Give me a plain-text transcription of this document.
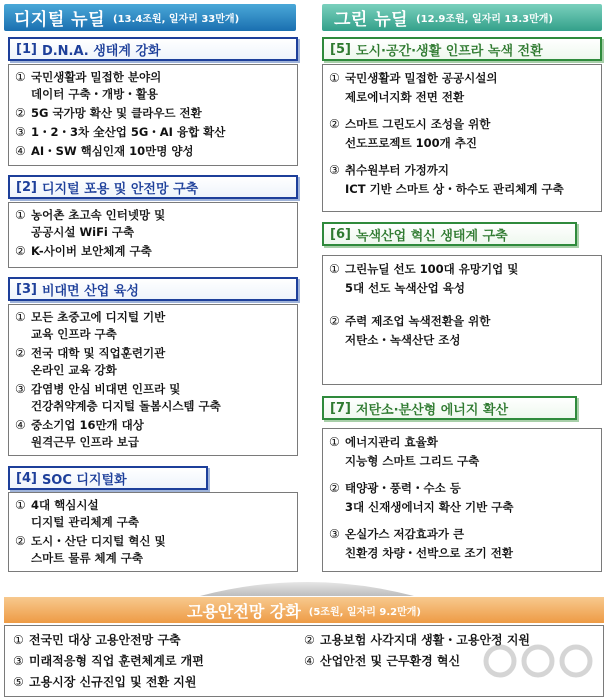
디지털 뉴딜 (13.4조원, 일자리 33만개)	그린 뉴딜 (12.9조원, 일자리 13.3만개)
[1] D.N.A. 생태계 강화
① 국민생활과 밀접한 분야의
데이터 구축・개방・활용
② 5G 국가망 확산 및 클라우드 전환
③ 1・2・3차 全산업 5G・AI 융합 확산
④ AI・SW 핵심인재 10만명 양성
[2] 디지털 포용 및 안전망 구축
① 농어촌 초고속 인터넷망 및
공공시설 WiFi 구축
② K-사이버 보안체계 구축
[3] 비대면 산업 육성
① 모든 초중고에 디지털 기반
교육 인프라 구축
② 전국 대학 및 직업훈련기관
온라인 교육 강화
③ 감염병 안심 비대면 인프라 및
건강취약계층 디지털 돌봄시스템 구축
④ 중소기업 16만개 대상
원격근무 인프라 보급
[4] SOC 디지털화
① 4대 핵심시설
디지털 관리체계 구축
② 도시・산단 디지털 혁신 및
스마트 물류 체계 구축
[5] 도시·공간·생활 인프라 녹색 전환
① 국민생활과 밀접한 공공시설의
제로에너지화 전면 전환
② 스마트 그린도시 조성을 위한
선도프로젝트 100개 추진
③ 취수원부터 가정까지
ICT 기반 스마트 상・하수도 관리체계 구축
[6] 녹색산업 혁신 생태계 구축
① 그린뉴딜 선도 100대 유망기업 및
5대 선도 녹색산업 육성
② 주력 제조업 녹색전환을 위한
저탄소・녹색산단 조성
[7] 저탄소·분산형 에너지 확산
① 에너지관리 효율화
지능형 스마트 그리드 구축
② 태양광・풍력・수소 등
3대 신재생에너지 확산 기반 구축
③ 온실가스 저감효과가 큰
친환경 차량・선박으로 조기 전환
고용안전망 강화 (5조원, 일자리 9.2만개)
① 전국민 대상 고용안전망 구축	② 고용보험 사각지대 생활・고용안정 지원
③ 미래적응형 직업 훈련체계로 개편	④ 산업안전 및 근무환경 혁신
⑤ 고용시장 신규진입 및 전환 지원
